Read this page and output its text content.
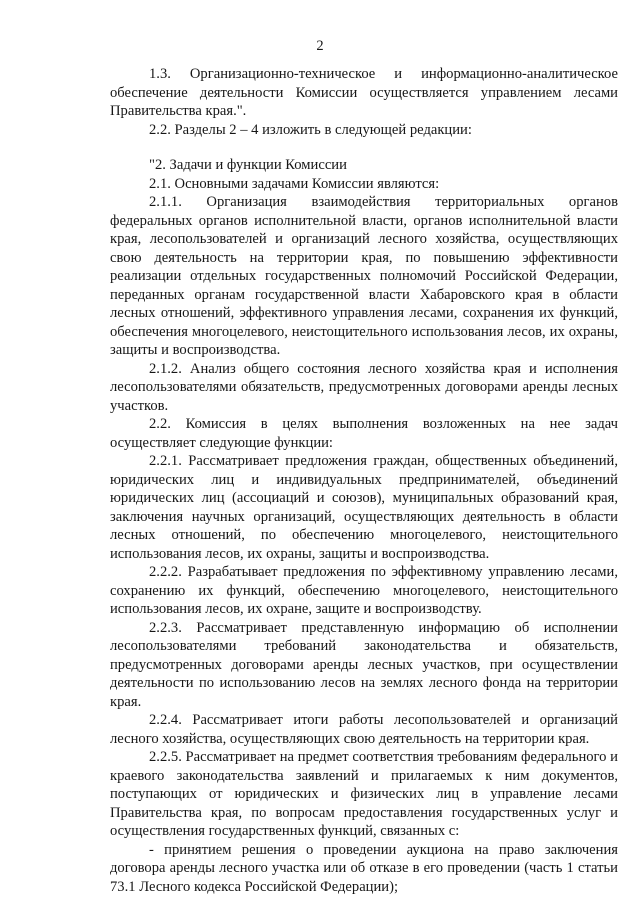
2

1.3. Организационно-техническое и информационно-аналитическое обеспечение деятельности Комиссии осуществляется управлением лесами Правительства края.".

2.2. Разделы 2 – 4 изложить в следующей редакции:

"2. Задачи и функции Комиссии

2.1. Основными задачами Комиссии являются:

2.1.1. Организация взаимодействия территориальных органов федеральных органов исполнительной власти, органов исполнительной власти края, лесопользователей и организаций лесного хозяйства, осуществляющих свою деятельность на территории края, по повышению эффективности реализации отдельных государственных полномочий Российской Федерации, переданных органам государственной власти Хабаровского края в области лесных отношений, эффективного управления лесами, сохранения их функций, обеспечения многоцелевого, неистощительного использования лесов, их охраны, защиты и воспроизводства.

2.1.2. Анализ общего состояния лесного хозяйства края и исполнения лесопользователями обязательств, предусмотренных договорами аренды лесных участков.

2.2. Комиссия в целях выполнения возложенных на нее задач осуществляет следующие функции:

2.2.1. Рассматривает предложения граждан, общественных объединений, юридических лиц и индивидуальных предпринимателей, объединений юридических лиц (ассоциаций и союзов), муниципальных образований края, заключения научных организаций, осуществляющих деятельность в области лесных отношений, по обеспечению многоцелевого, неистощительного использования лесов, их охраны, защиты и воспроизводства.

2.2.2. Разрабатывает предложения по эффективному управлению лесами, сохранению их функций, обеспечению многоцелевого, неистощительного использования лесов, их охране, защите и воспроизводству.

2.2.3. Рассматривает представленную информацию об исполнении лесопользователями требований законодательства и обязательств, предусмотренных договорами аренды лесных участков, при осуществлении деятельности по использованию лесов на землях лесного фонда на территории края.

2.2.4. Рассматривает итоги работы лесопользователей и организаций лесного хозяйства, осуществляющих свою деятельность на территории края.

2.2.5. Рассматривает на предмет соответствия требованиям федерального и краевого законодательства заявлений и прилагаемых к ним документов, поступающих от юридических и физических лиц в управление лесами Правительства края, по вопросам предоставления государственных услуг и осуществления государственных функций, связанных с:

- принятием решения о проведении аукциона на право заключения договора аренды лесного участка или об отказе в его проведении (часть 1 статьи 73.1 Лесного кодекса Российской Федерации);
